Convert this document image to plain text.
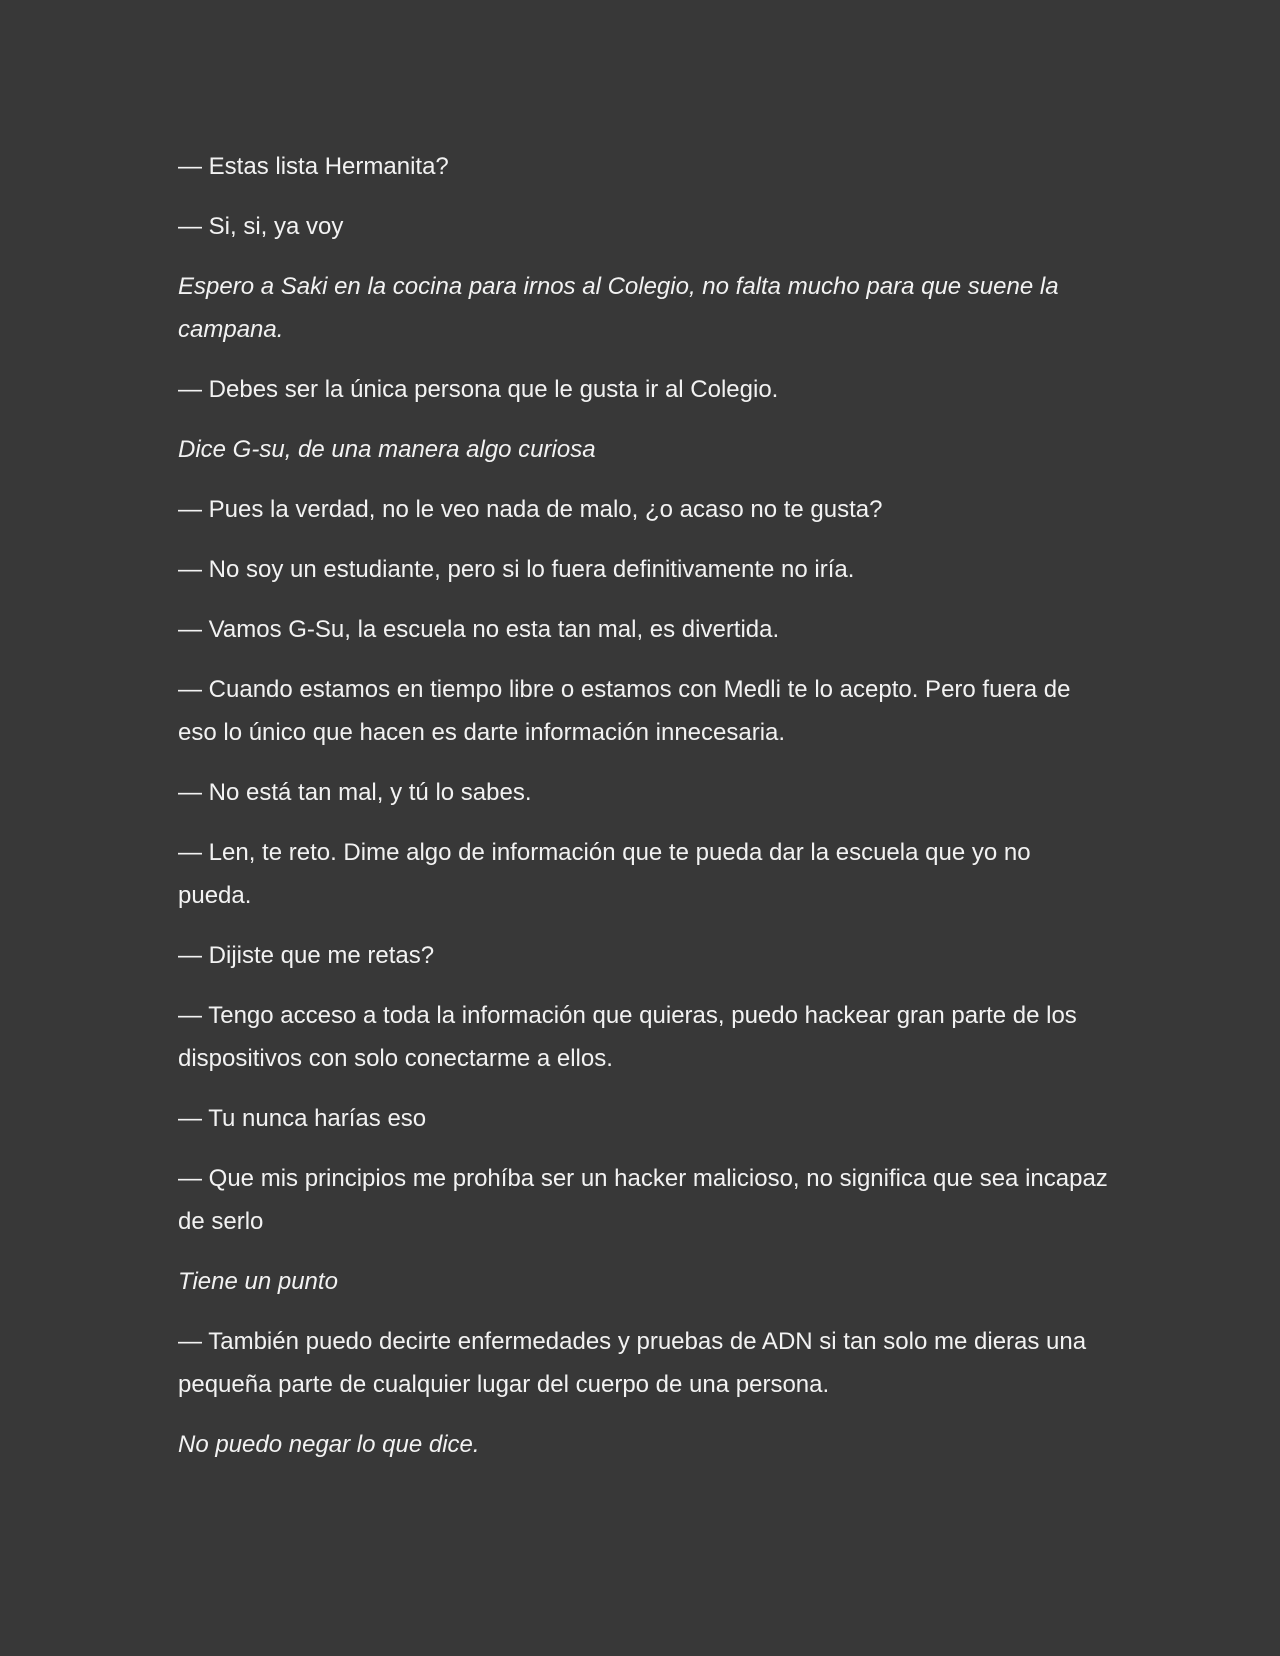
— Estas lista Hermanita?

— Si, si, ya voy

Espero a Saki en la cocina para irnos al Colegio, no falta mucho para que suene la campana.

— Debes ser la única persona que le gusta ir al Colegio.

Dice G-su, de una manera algo curiosa

— Pues la verdad, no le veo nada de malo, ¿o acaso no te gusta?

— No soy un estudiante, pero si lo fuera definitivamente no iría.

— Vamos G-Su, la escuela no esta tan mal, es divertida.

— Cuando estamos en tiempo libre o estamos con Medli te lo acepto. Pero fuera de eso lo único que hacen es darte información innecesaria.

— No está tan mal, y tú lo sabes.

— Len, te reto. Dime algo de información que te pueda dar la escuela que yo no pueda.

— Dijiste que me retas?

— Tengo acceso a toda la información que quieras, puedo hackear gran parte de los dispositivos con solo conectarme a ellos.

— Tu nunca harías eso

— Que mis principios me prohíba ser un hacker malicioso, no significa que sea incapaz de serlo

Tiene un punto

— También puedo decirte enfermedades y pruebas de ADN si tan solo me dieras una pequeña parte de cualquier lugar del cuerpo de una persona.

No puedo negar lo que dice.
